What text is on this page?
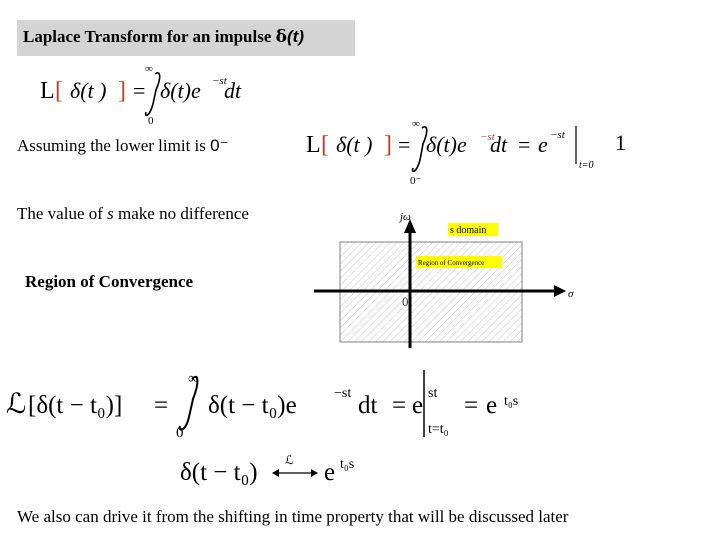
Laplace Transform for an impulse δ(t)
L [ δ(t ) ] =
∞
0
δ(t)e −st
dt
Assuming the lower limit is 0⁻	L [ δ(t ) ] =
∞
0⁻
δ(t)e −st
dt = e −st
t=0
1
The value of s make no difference
Region of Convergence
jω
σ
0
s domain
Region of Convergence
ℒ [δ(t − t₀)] =
∞
0
δ(t − t₀)e	−st dt = e st
t=t₀
= e t₀s
δ(t − t₀) ℒ e t₀s
We also can drive it from the shifting in time property that will be discussed later
